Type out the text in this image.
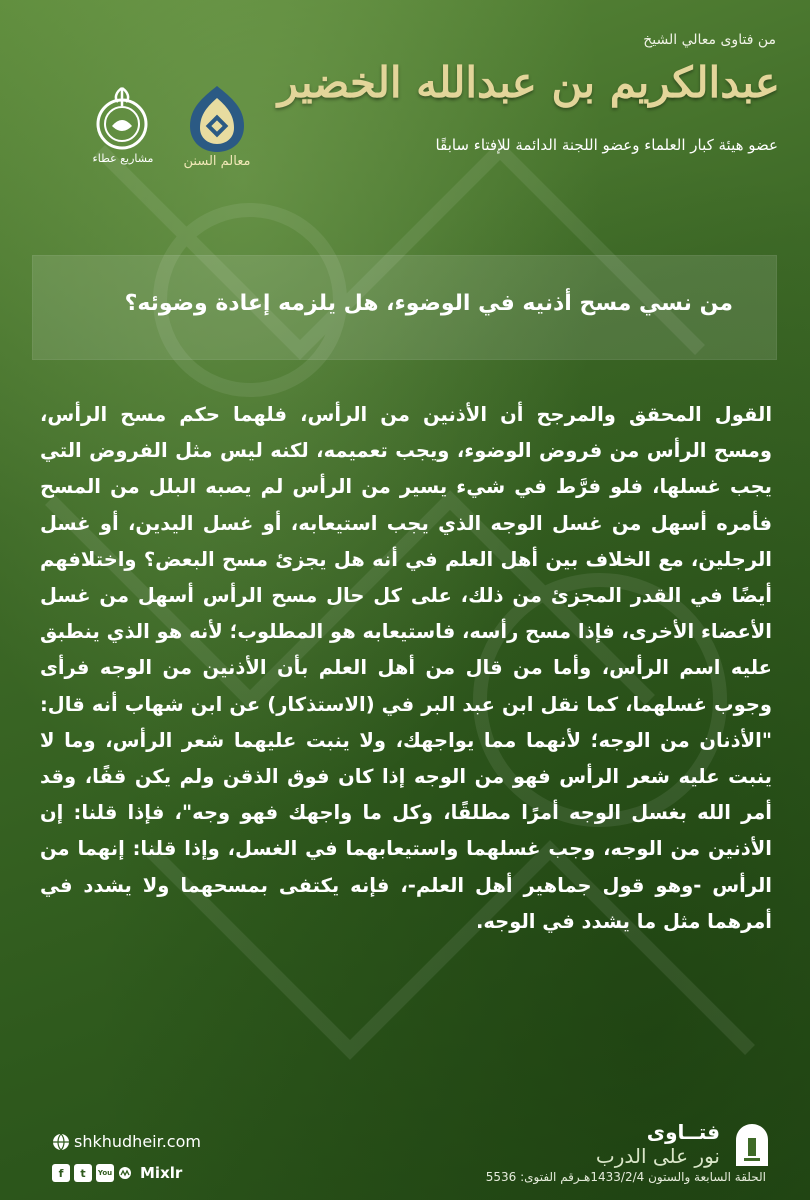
من فتاوى معالي الشيخ
عبدالكريم بن عبدالله الخضير
عضو هيئة كبار العلماء وعضو اللجنة الدائمة للإفتاء سابقًا
معالم السنن
مشاريع عطاء
من نسي مسح أذنيه في الوضوء، هل يلزمه إعادة وضوئه؟
القول المحقق والمرجح أن الأذنين من الرأس، فلهما حكم مسح الرأس، ومسح الرأس من فروض الوضوء، ويجب تعميمه، لكنه ليس مثل الفروض التي يجب غسلها، فلو فرَّط في شيء يسير من الرأس لم يصبه البلل من المسح فأمره أسهل من غسل الوجه الذي يجب استيعابه، أو غسل اليدين، أو غسل الرجلين، مع الخلاف بين أهل العلم في أنه هل يجزئ مسح البعض؟ واختلافهم أيضًا في القدر المجزئ من ذلك، على كل حال مسح الرأس أسهل من غسل الأعضاء الأخرى، فإذا مسح رأسه، فاستيعابه هو المطلوب؛ لأنه هو الذي ينطبق عليه اسم الرأس، وأما من قال من أهل العلم بأن الأذنين من الوجه فرأى وجوب غسلهما، كما نقل ابن عبد البر في (الاستذكار) عن ابن شهاب أنه قال: "الأذنان من الوجه؛ لأنهما مما يواجهك، ولا ينبت عليهما شعر الرأس، وما لا ينبت عليه شعر الرأس فهو من الوجه إذا كان فوق الذقن ولم يكن قفًا، وقد أمر الله بغسل الوجه أمرًا مطلقًا، وكل ما واجهك فهو وجه"، فإذا قلنا: إن الأذنين من الوجه، وجب غسلهما واستيعابهما في الغسل، وإذا قلنا: إنهما من الرأس -وهو قول جماهير أهل العلم-، فإنه يكتفى بمسحهما ولا يشدد في أمرهما مثل ما يشدد في الوجه.
shkhudheir.com
f	t	You Mixlr
فتــاوى
نور على الدرب
الحلقة السابعة والستون 1433/2/4هـرقم الفتوى: 5536
